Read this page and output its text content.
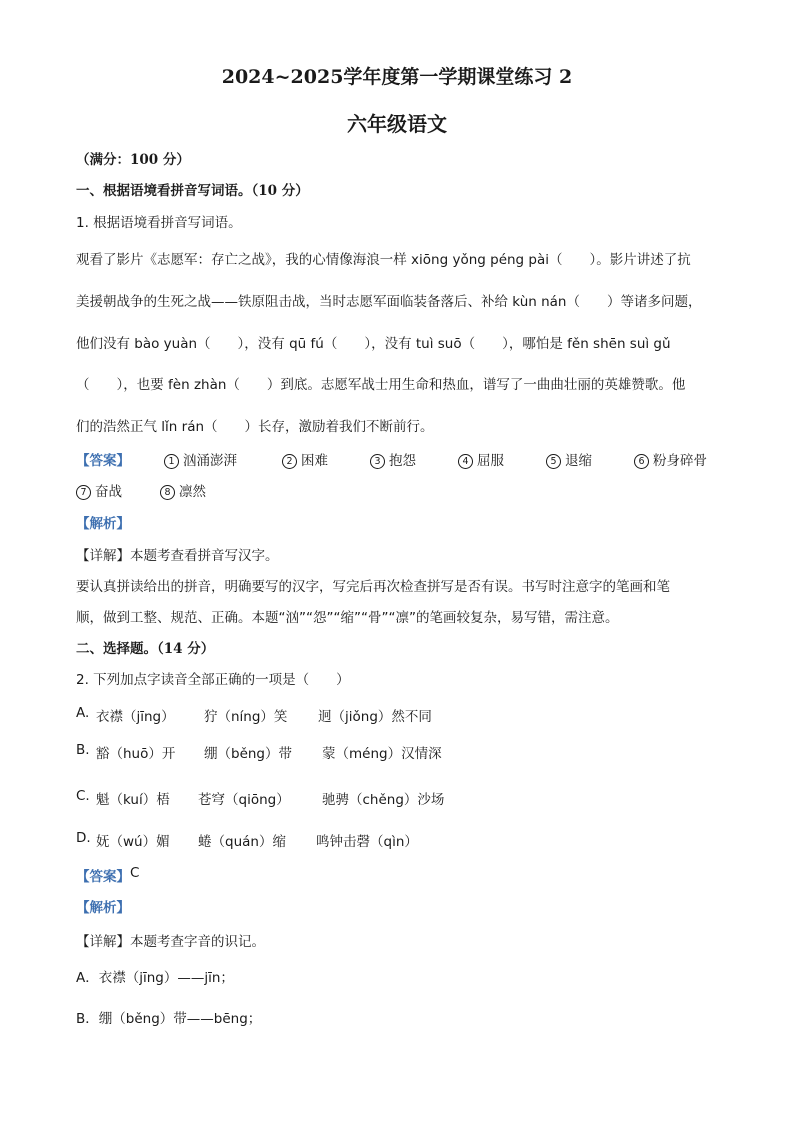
2024~2025学年度第一学期课堂练习 2
六年级语文
（满分：100 分）
一、根据语境看拼音写词语。（10 分）
1. 根据语境看拼音写词语。
观看了影片《志愿军：存亡之战》，我的心情像海浪一样 xiōng yǒng péng pài（　　）。影片讲述了抗
美援朝战争的生死之战——铁原阻击战，当时志愿军面临装备落后、补给 kùn nán（　　）等诸多问题，
他们没有 bào yuàn（　　），没有 qū fú（　　），没有 tuì suō（　　），哪怕是 fěn shēn suì gǔ
（　　），也要 fèn zhàn（　　）到底。志愿军战士用生命和热血，谱写了一曲曲壮丽的英雄赞歌。他
们的浩然正气 lǐn rán（　　）长存，激励着我们不断前行。
【答案】	1 汹涌澎湃	2 困难	3 抱怨	4 屈服	5 退缩	6 粉身碎骨
7 奋战	8 凛然
【解析】
【详解】本题考查看拼音写汉字。
要认真拼读给出的拼音，明确要写的汉字，写完后再次检查拼写是否有误。书写时注意字的笔画和笔
顺，做到工整、规范、正确。本题“汹”“怨”“缩”“骨”“凛”的笔画较复杂，易写错，需注意。
二、选择题。（14 分）
2. 下列加点字读音全部正确的一项是（　　）
A. 衣襟（jīng） 狞（níng）笑 迥（jiǒng）然不同
B. 豁（huō）开 绷（běng）带 蒙（méng）汉情深
C. 魁（kuí）梧 苍穹（qiōng） 驰骋（chěng）沙场
D. 妩（wú）媚 蜷（quán）缩 鸣钟击磬（qìn）
【答案】 C
【解析】
【详解】本题考查字音的识记。
A．衣襟（jīng）——jīn；
B．绷（běng）带——bēng；
